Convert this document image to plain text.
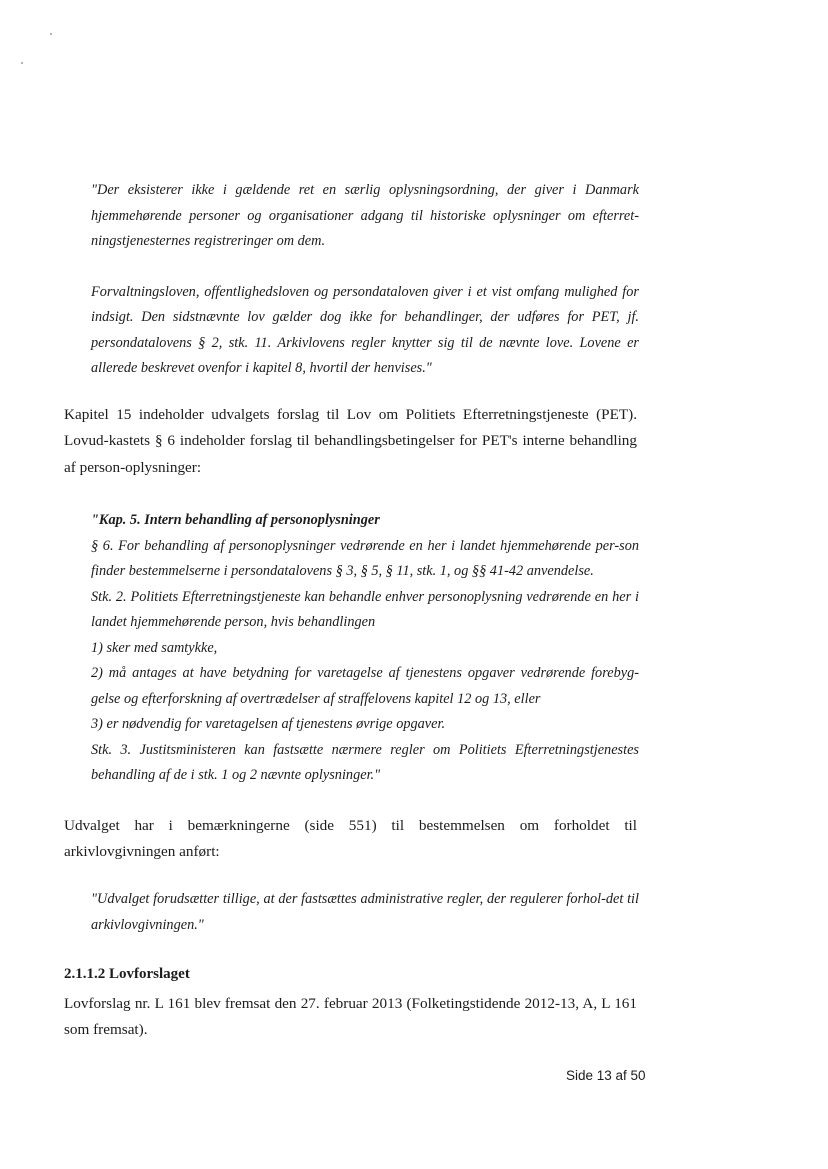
"Der eksisterer ikke i gældende ret en særlig oplysningsordning, der giver i Danmark hjemmehørende personer og organisationer adgang til historiske oplysninger om efterret-ningstjenesternes registreringer om dem.

Forvaltningsloven, offentlighedsloven og persondataloven giver i et vist omfang mulighed for indsigt. Den sidstnævnte lov gælder dog ikke for behandlinger, der udføres for PET, jf. persondatalovens § 2, stk. 11. Arkivlovens regler knytter sig til de nævnte love. Lovene er allerede beskrevet ovenfor i kapitel 8, hvortil der henvises."

Kapitel 15 indeholder udvalgets forslag til Lov om Politiets Efterretningstjeneste (PET). Lovud-kastets § 6 indeholder forslag til behandlingsbetingelser for PET's interne behandling af person-oplysninger:

"Kap. 5. Intern behandling af personoplysninger

§ 6. For behandling af personoplysninger vedrørende en her i landet hjemmehørende per-son finder bestemmelserne i persondatalovens § 3, § 5, § 11, stk. 1, og §§ 41-42 anvendelse.

Stk. 2. Politiets Efterretningstjeneste kan behandle enhver personoplysning vedrørende en her i landet hjemmehørende person, hvis behandlingen

1) sker med samtykke,

2) må antages at have betydning for varetagelse af tjenestens opgaver vedrørende forebyg-gelse og efterforskning af overtrædelser af straffelovens kapitel 12 og 13, eller

3) er nødvendig for varetagelsen af tjenestens øvrige opgaver.

Stk. 3. Justitsministeren kan fastsætte nærmere regler om Politiets Efterretningstjenestes behandling af de i stk. 1 og 2 nævnte oplysninger."

Udvalget har i bemærkningerne (side 551) til bestemmelsen om forholdet til arkivlovgivningen anført:

"Udvalget forudsætter tillige, at der fastsættes administrative regler, der regulerer forhol-det til arkivlovgivningen."

2.1.1.2 Lovforslaget

Lovforslag nr. L 161 blev fremsat den 27. februar 2013 (Folketingstidende 2012-13, A, L 161 som fremsat).

Side 13 af 50
